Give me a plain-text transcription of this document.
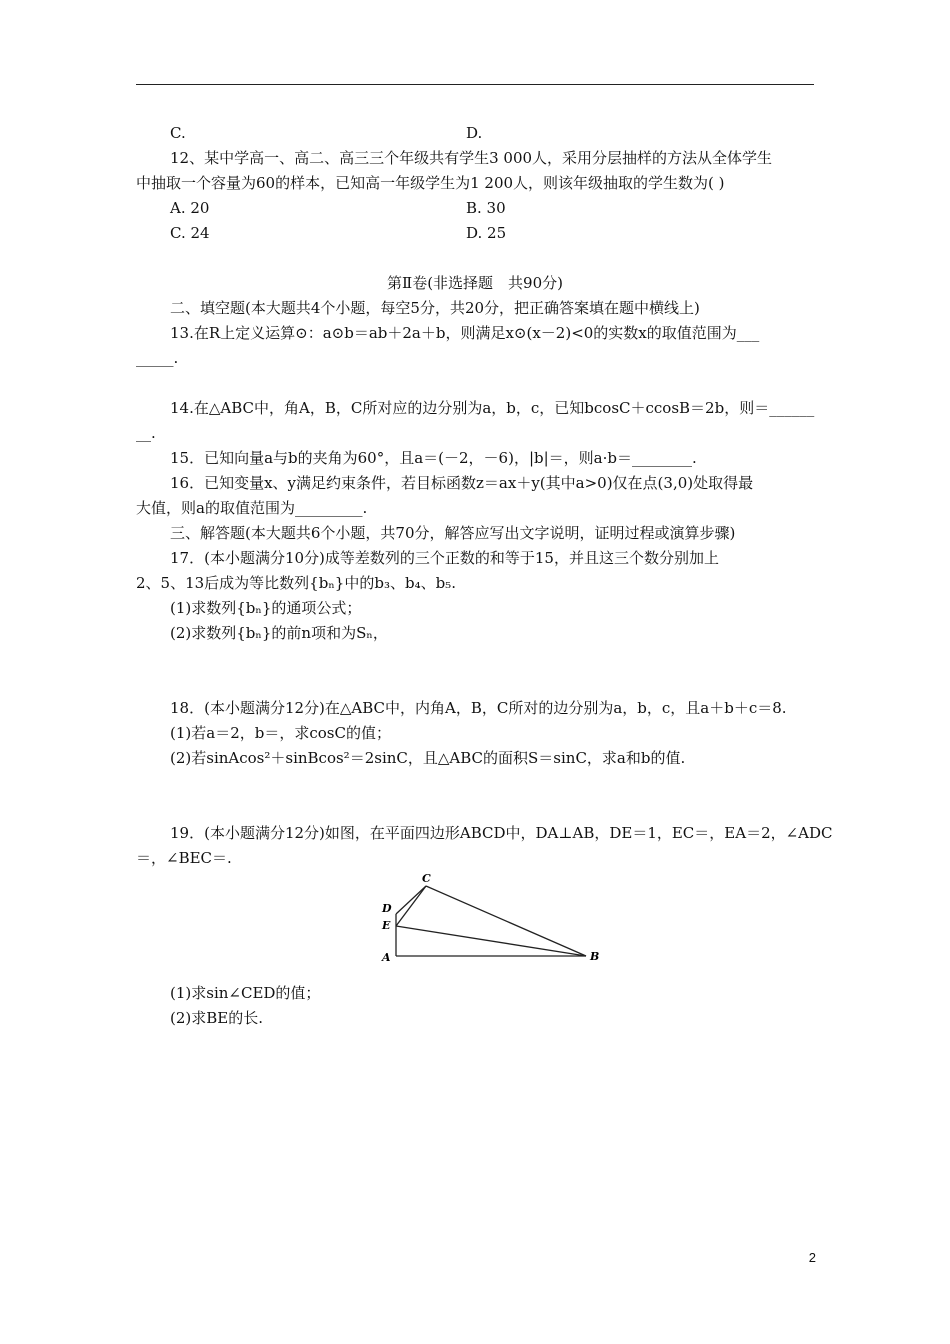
C.	D.
12、某中学高一、高二、高三三个年级共有学生3 000人，采用分层抽样的方法从全体学生
中抽取一个容量为60的样本，已知高一年级学生为1 200人，则该年级抽取的学生数为( )
A. 20	B. 30
C. 24	D. 25
第Ⅱ卷(非选择题　共90分)
二、填空题(本大题共4个小题，每空5分，共20分，把正确答案填在题中横线上)
13.在R上定义运算⊙：a⊙b＝ab＋2a＋b，则满足x⊙(x－2)<0的实数x的取值范围为___
_____.
14.在△ABC中，角A，B，C所对应的边分别为a，b，c，已知bcosC＋ccosB＝2b，则＝______
__.
15．已知向量a与b的夹角为60°，且a＝(－2，－6)，|b|＝，则a·b＝________.
16．已知变量x、y满足约束条件，若目标函数z＝ax＋y(其中a>0)仅在点(3,0)处取得最
大值，则a的取值范围为_________.
三、解答题(本大题共6个小题，共70分，解答应写出文字说明，证明过程或演算步骤)
17．(本小题满分10分)成等差数列的三个正数的和等于15，并且这三个数分别加上
2、5、13后成为等比数列{bₙ}中的b₃、b₄、b₅.
(1)求数列{bₙ}的通项公式；
(2)求数列{bₙ}的前n项和为Sₙ，
18．(本小题满分12分)在△ABC中，内角A，B，C所对的边分别为a，b，c，且a＋b＋c＝8.
(1)若a＝2，b＝，求cosC的值；
(2)若sinAcos²＋sinBcos²＝2sinC，且△ABC的面积S＝sinC，求a和b的值.
19．(本小题满分12分)如图，在平面四边形ABCD中，DA⊥AB，DE＝1，EC＝，EA＝2，∠ADC
＝，∠BEC＝.
A	B
C
D
E
(1)求sin∠CED的值；
(2)求BE的长.
2
